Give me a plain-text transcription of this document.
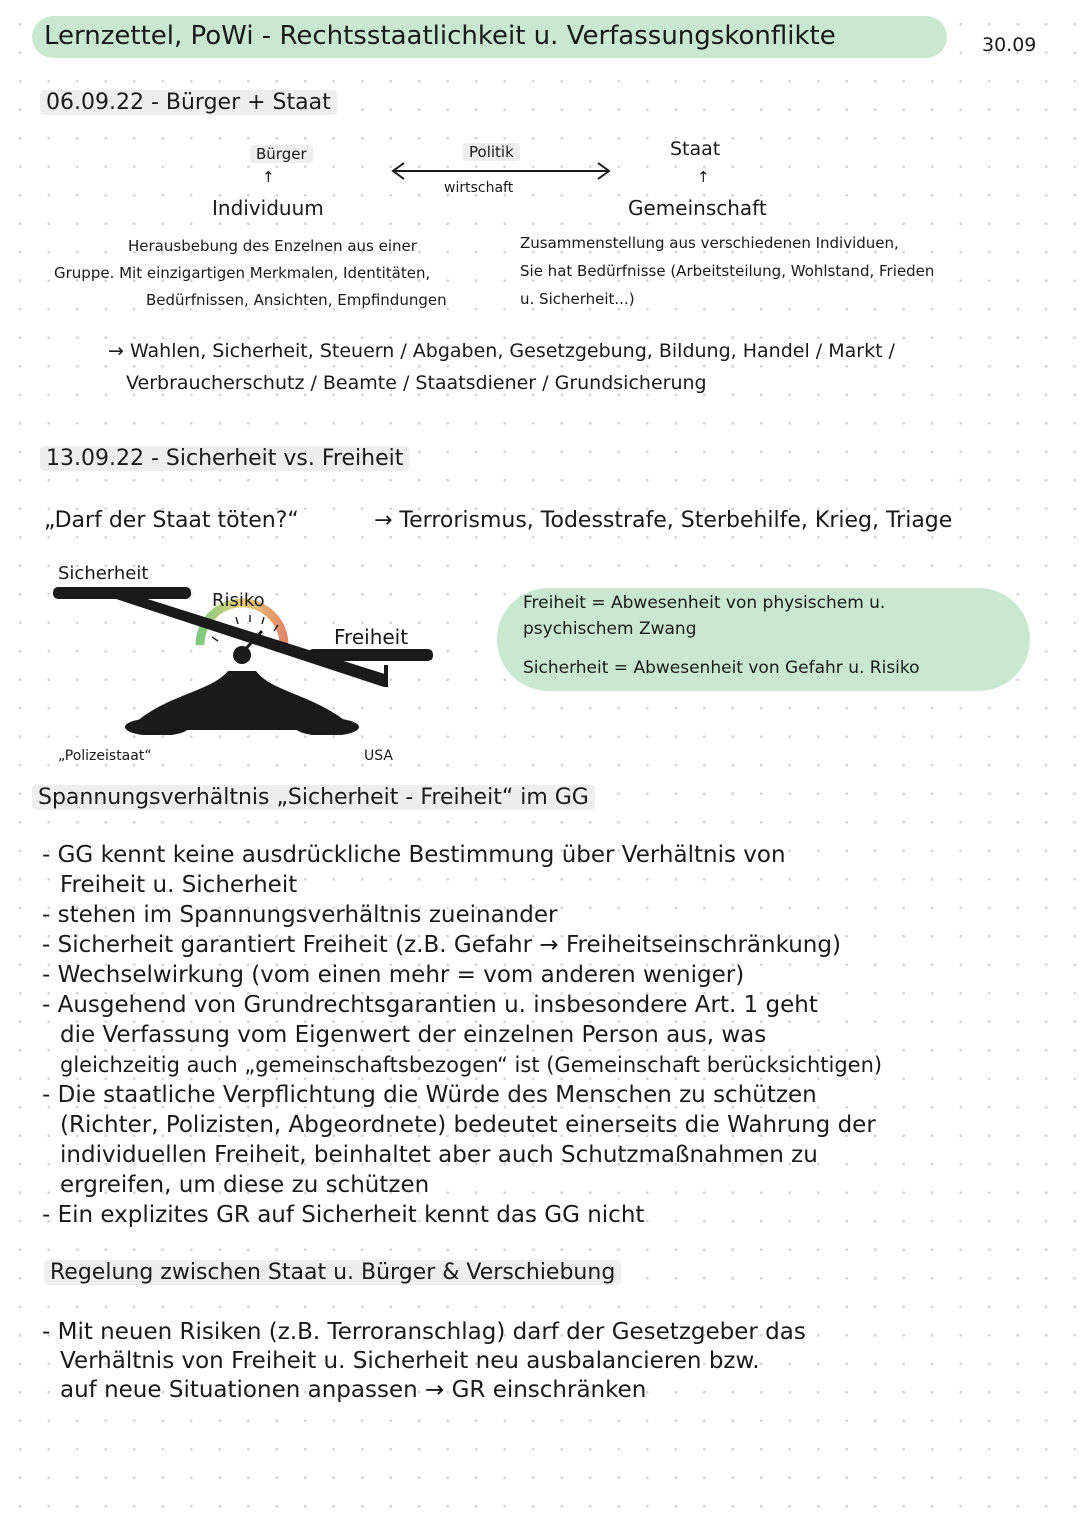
Lernzettel, PoWi - Rechtsstaatlichkeit u. Verfassungskonflikte	30.09
06.09.22 - Bürger + Staat
Bürger
↑
Individuum
Politik
wirtschaft
Staat
↑
Gemeinschaft
Herausbebung des Enzelnen aus einer
Gruppe. Mit einzigartigen Merkmalen, Identitäten,
Bedürfnissen, Ansichten, Empfindungen
Zusammenstellung aus verschiedenen Individuen,
Sie hat Bedürfnisse (Arbeitsteilung, Wohlstand, Frieden
u. Sicherheit...)
→ Wahlen, Sicherheit, Steuern / Abgaben, Gesetzgebung, Bildung, Handel / Markt /
Verbraucherschutz / Beamte / Staatsdiener / Grundsicherung
13.09.22 - Sicherheit vs. Freiheit
„Darf der Staat töten?“	→ Terrorismus, Todesstrafe, Sterbehilfe, Krieg, Triage
Sicherheit
Risiko
Freiheit
„Polizeistaat“	USA
Freiheit = Abwesenheit von physischem u.
psychischem Zwang
Sicherheit = Abwesenheit von Gefahr u. Risiko
Spannungsverhältnis „Sicherheit - Freiheit“ im GG

- GG kennt keine ausdrückliche Bestimmung über Verhältnis von

Freiheit u. Sicherheit

- stehen im Spannungsverhältnis zueinander

- Sicherheit garantiert Freiheit (z.B. Gefahr → Freiheitseinschränkung)

- Wechselwirkung (vom einen mehr = vom anderen weniger)

- Ausgehend von Grundrechtsgarantien u. insbesondere Art. 1 geht

die Verfassung vom Eigenwert der einzelnen Person aus, was

gleichzeitig auch „gemeinschaftsbezogen“ ist (Gemeinschaft berücksichtigen)

- Die staatliche Verpflichtung die Würde des Menschen zu schützen

(Richter, Polizisten, Abgeordnete) bedeutet einerseits die Wahrung der

individuellen Freiheit, beinhaltet aber auch Schutzmaßnahmen zu

ergreifen, um diese zu schützen

- Ein explizites GR auf Sicherheit kennt das GG nicht

Regelung zwischen Staat u. Bürger & Verschiebung

- Mit neuen Risiken (z.B. Terroranschlag) darf der Gesetzgeber das

Verhältnis von Freiheit u. Sicherheit neu ausbalancieren bzw.

auf neue Situationen anpassen → GR einschränken
